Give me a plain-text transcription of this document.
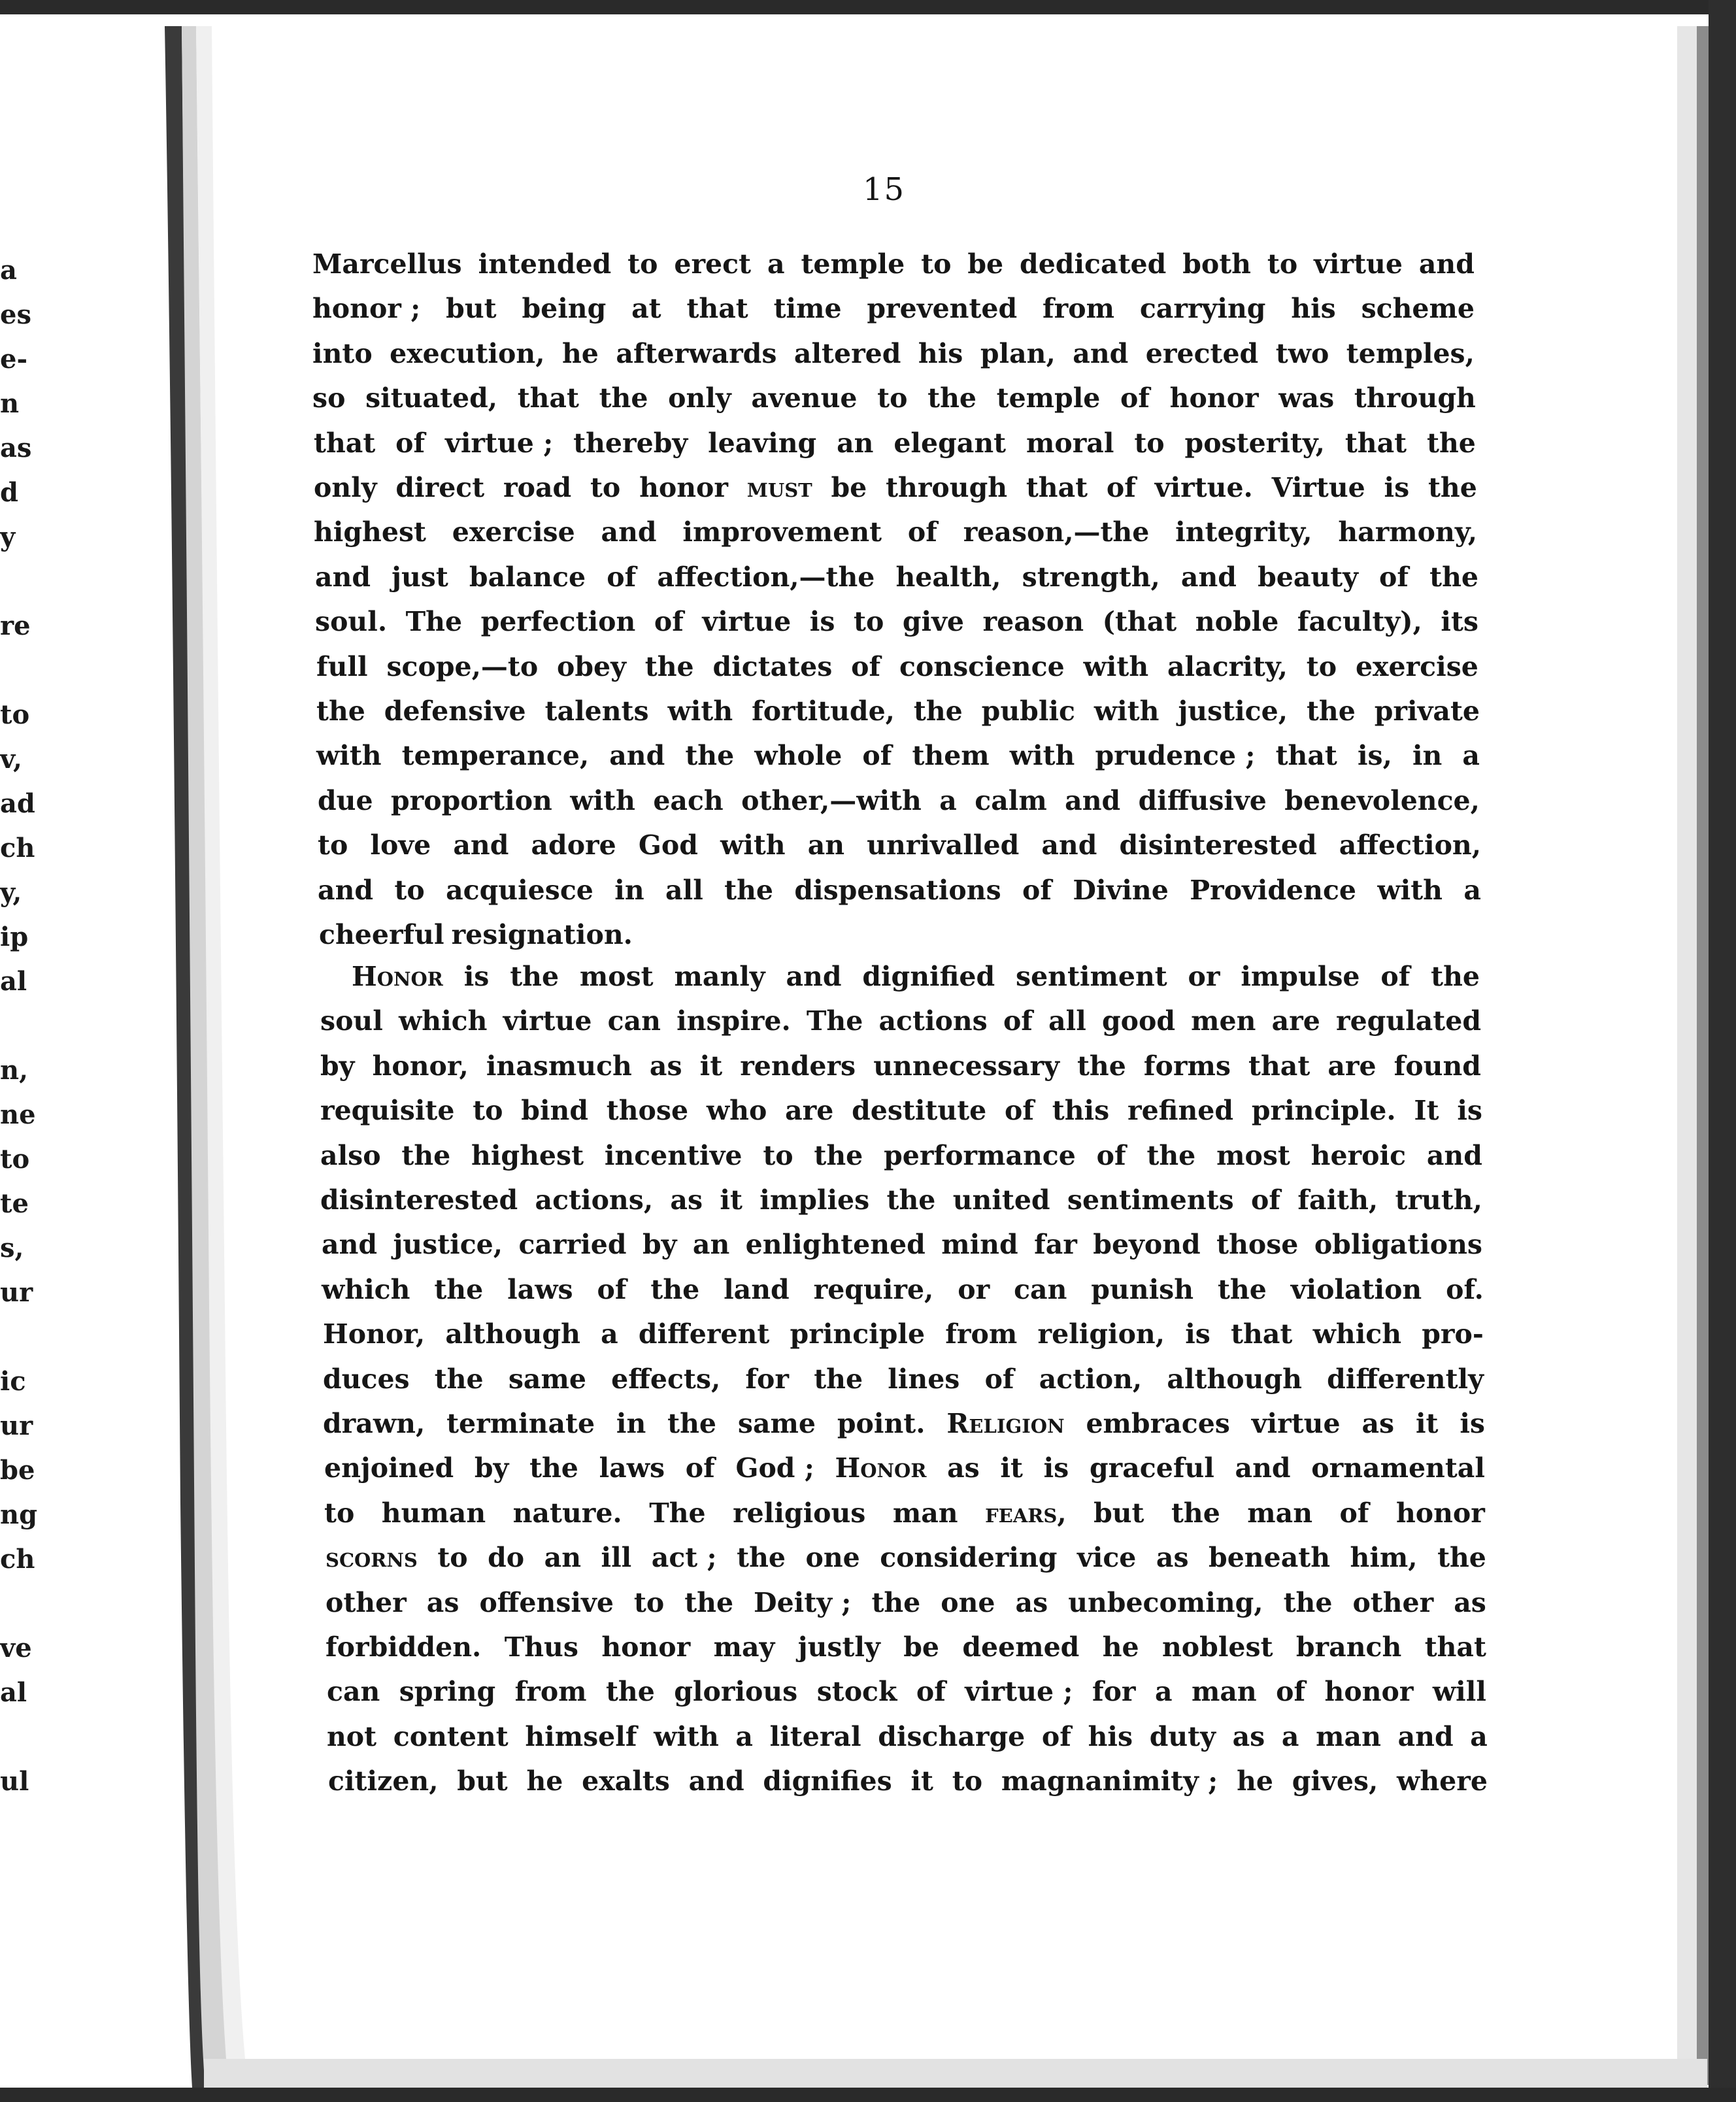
a
es
e-
n
as
d
y
re
to
v,
ad
ch
y,
ip
al
n,
ne
to
te
s,
ur
ic
ur
be
ng
ch
ve
al
ul
15
Marcellus intended to erect a temple to be dedicated both to virtue and
honor ; but being at that time prevented from carrying his scheme
into execution, he afterwards altered his plan, and erected two temples,
so situated, that the only avenue to the temple of honor was through
that of virtue ; thereby leaving an elegant moral to posterity, that the
only direct road to honor must be through that of virtue. Virtue is the
highest exercise and improvement of reason,—the integrity, harmony,
and just balance of affection,—the health, strength, and beauty of the
soul. The perfection of virtue is to give reason (that noble faculty), its
full scope,—to obey the dictates of conscience with alacrity, to exercise
the defensive talents with fortitude, the public with justice, the private
with temperance, and the whole of them with prudence ; that is, in a
due proportion with each other,—with a calm and diffusive benevolence,
to love and adore God with an unrivalled and disinterested affection,
and to acquiesce in all the dispensations of Divine Providence with a
cheerful resignation.
Honor is the most manly and dignified sentiment or impulse of the
soul which virtue can inspire. The actions of all good men are regulated
by honor, inasmuch as it renders unnecessary the forms that are found
requisite to bind those who are destitute of this refined principle. It is
also the highest incentive to the performance of the most heroic and
disinterested actions, as it implies the united sentiments of faith, truth,
and justice, carried by an enlightened mind far beyond those obligations
which the laws of the land require, or can punish the violation of.
Honor, although a different principle from religion, is that which pro-
duces the same effects, for the lines of action, although differently
drawn, terminate in the same point. Religion embraces virtue as it is
enjoined by the laws of God ; Honor as it is graceful and ornamental
to human nature. The religious man fears, but the man of honor
scorns to do an ill act ; the one considering vice as beneath him, the
other as offensive to the Deity ; the one as unbecoming, the other as
forbidden. Thus honor may justly be deemed he noblest branch that
can spring from the glorious stock of virtue ; for a man of honor will
not content himself with a literal discharge of his duty as a man and a
citizen, but he exalts and dignifies it to magnanimity ; he gives, where
